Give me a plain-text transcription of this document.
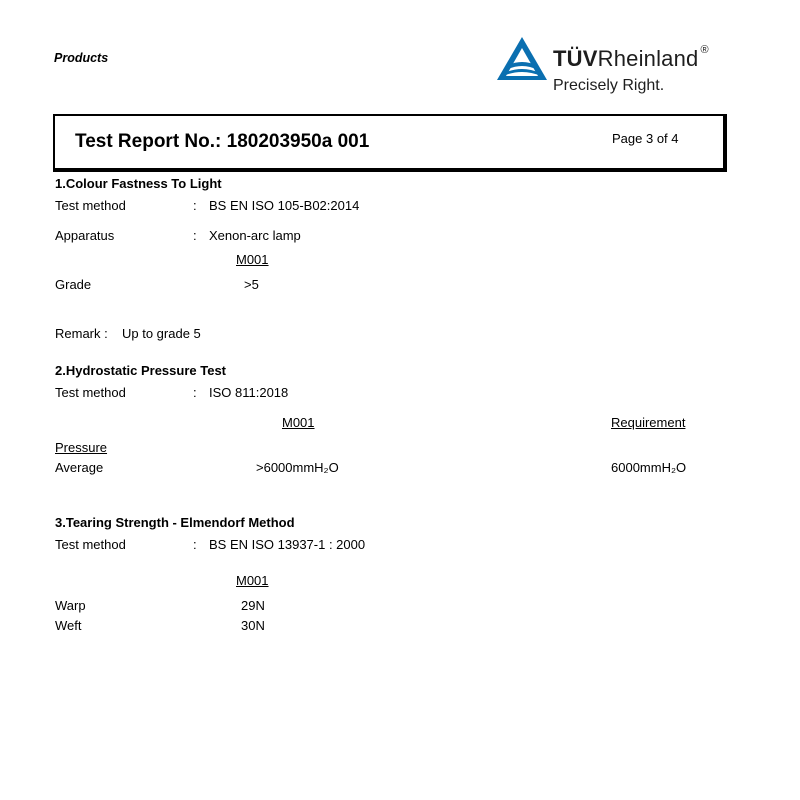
Products	TÜVRheinland ®
Precisely Right.
Test Report No.: 180203950a 001	Page 3 of 4
1.Colour Fastness To Light
Test method	: BS EN ISO 105-B02:2014
Apparatus	: Xenon-arc lamp
M001
Grade	>5
Remark : Up to grade 5
2.Hydrostatic Pressure Test
Test method	: ISO 811:2018
M001	Requirement
Pressure
Average	>6000mmH₂O	6000mmH₂O
3.Tearing Strength - Elmendorf Method
Test method	: BS EN ISO 13937-1 : 2000
M001
Warp	29N
Weft	30N
